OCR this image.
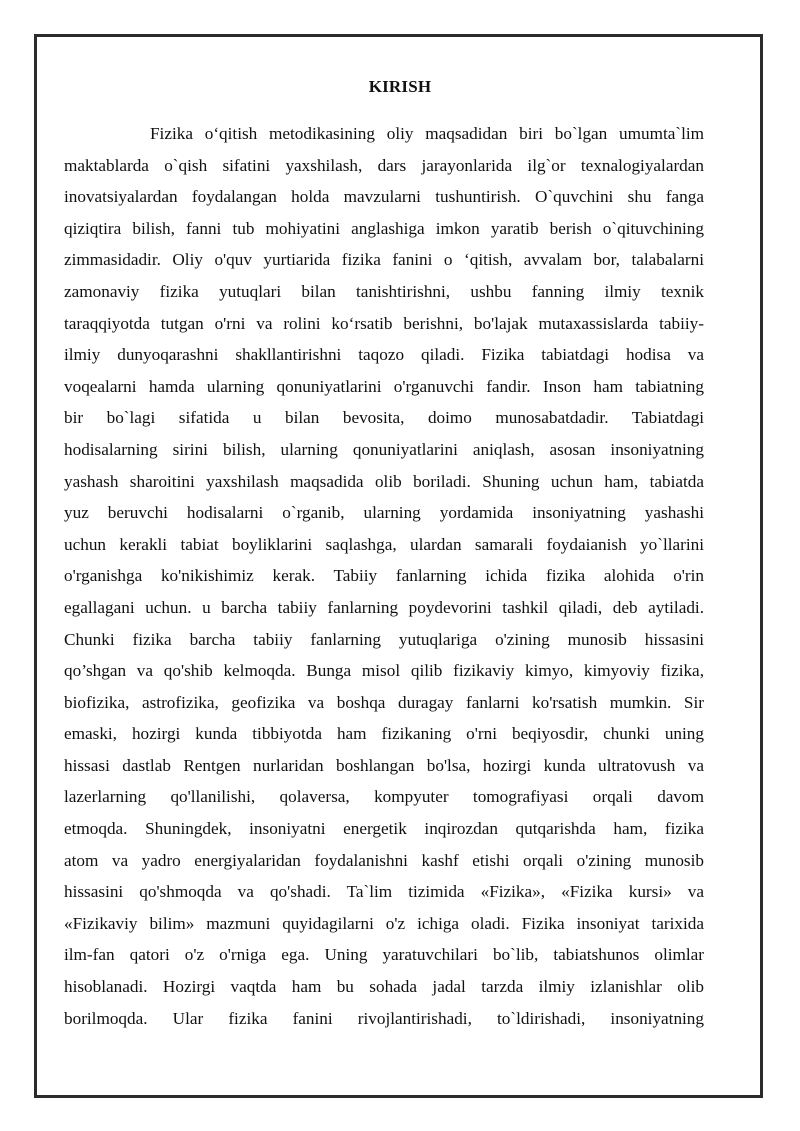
KIRISH
Fizika o‘qitish metodikasining oliy maqsadidan biri bo`lgan umumta`lim
maktablarda o`qish sifatini yaxshilash, dars jarayonlarida ilg`or texnalogiyalardan
inovatsiyalardan foydalangan holda mavzularni tushuntirish. O`quvchini shu fanga
qiziqtira bilish, fanni tub mohiyatini anglashiga imkon yaratib berish o`qituvchining
zimmasidadir. Oliy o'quv yurtiarida fizika fanini o ‘qitish, avvalam bor, talabalarni
zamonaviy fizika yutuqlari bilan tanishtirishni, ushbu fanning ilmiy texnik
taraqqiyotda tutgan o'rni va rolini ko‘rsatib berishni, bo'lajak mutaxassislarda tabiiy-
ilmiy dunyoqarashni shakllantirishni taqozo qiladi. Fizika tabiatdagi hodisa va
voqealarni hamda ularning qonuniyatlarini o'rganuvchi fandir. Inson ham tabiatning
bir bo`lagi sifatida u bilan bevosita, doimo munosabatdadir. Tabiatdagi
hodisalarning sirini bilish, ularning qonuniyatlarini aniqlash, asosan insoniyatning
yashash sharoitini yaxshilash maqsadida olib boriladi. Shuning uchun ham, tabiatda
yuz beruvchi hodisalarni o`rganib, ularning yordamida insoniyatning yashashi
uchun kerakli tabiat boyliklarini saqlashga, ulardan samarali foydaianish yo`llarini
o'rganishga ko'nikishimiz kerak. Tabiiy fanlarning ichida fizika alohida o'rin
egallagani uchun. u barcha tabiiy fanlarning poydevorini tashkil qiladi, deb aytiladi.
Chunki fizika barcha tabiiy fanlarning yutuqlariga o'zining munosib hissasini
qo’shgan va qo'shib kelmoqda. Bunga misol qilib fizikaviy kimyo, kimyoviy fizika,
biofizika, astrofizika, geofizika va boshqa duragay fanlarni ko'rsatish mumkin. Sir
emaski, hozirgi kunda tibbiyotda ham fizikaning o'rni beqiyosdir, chunki uning
hissasi dastlab Rentgen nurlaridan boshlangan bo'lsa, hozirgi kunda ultratovush va
lazerlarning qo'llanilishi, qolaversa, kompyuter tomografiyasi orqali davom
etmoqda. Shuningdek, insoniyatni energetik inqirozdan qutqarishda ham, fizika
atom va yadro energiyalaridan foydalanishni kashf etishi orqali o'zining munosib
hissasini qo'shmoqda va qo'shadi. Ta`lim tizimida «Fizika», «Fizika kursi» va
«Fizikaviy bilim» mazmuni quyidagilarni o'z ichiga oladi. Fizika insoniyat tarixida
ilm-fan qatori o'z o'rniga ega. Uning yaratuvchilari bo`lib, tabiatshunos olimlar
hisoblanadi. Hozirgi vaqtda ham bu sohada jadal tarzda ilmiy izlanishlar olib
borilmoqda. Ular fizika fanini rivojlantirishadi, to`ldirishadi, insoniyatning
